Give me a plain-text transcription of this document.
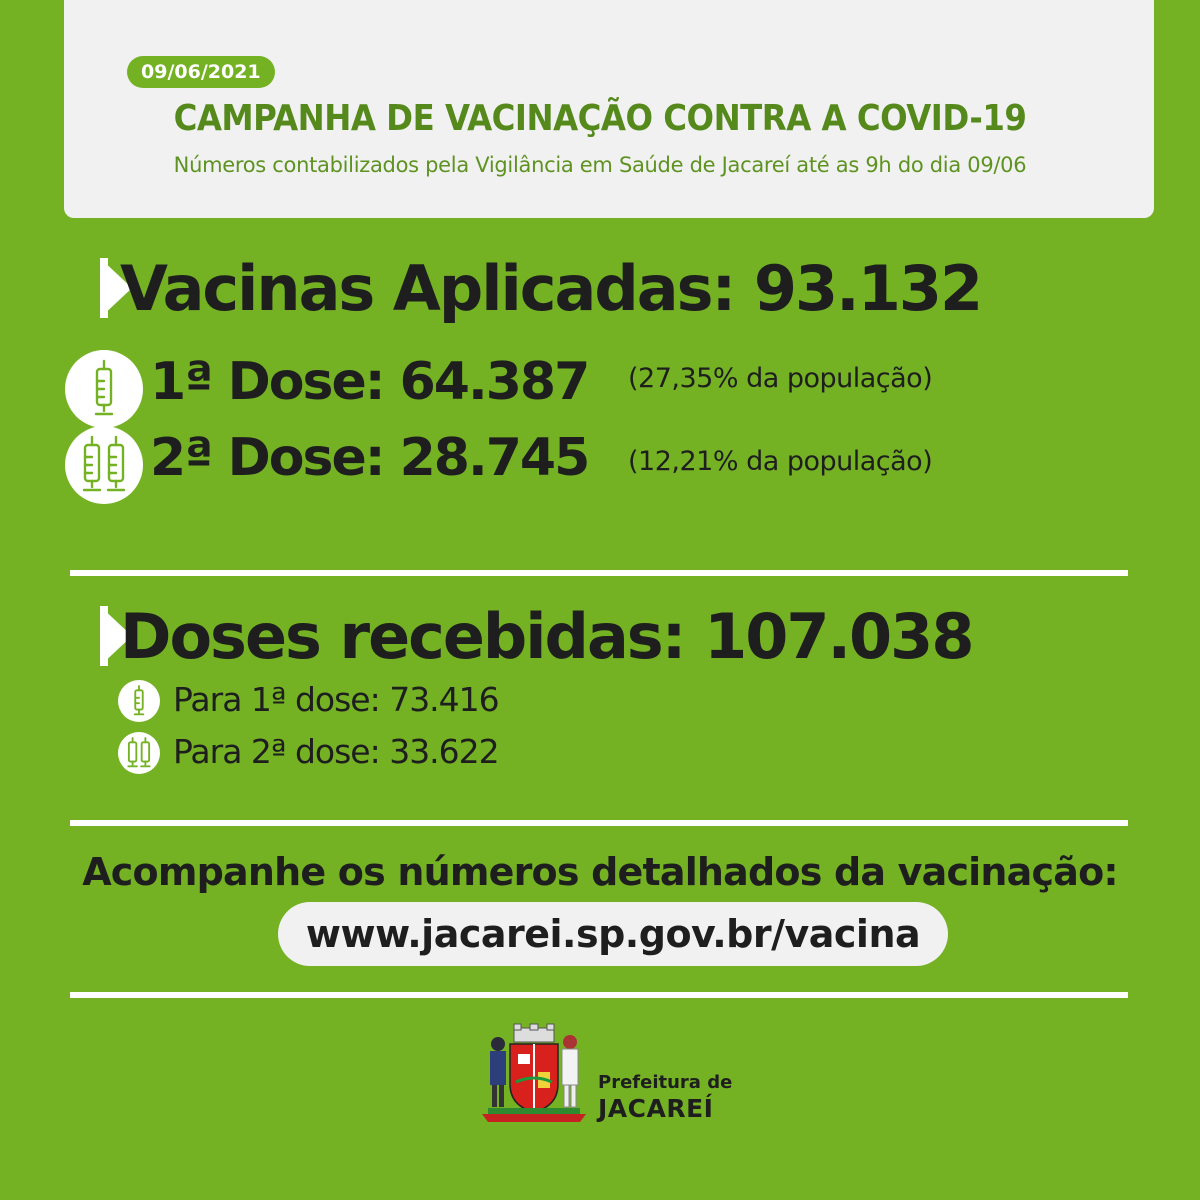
09/06/2021
CAMPANHA DE VACINAÇÃO CONTRA A COVID-19
Números contabilizados pela Vigilância em Saúde de Jacareí até as 9h do dia 09/06
Vacinas Aplicadas: 93.132
1ª Dose: 64.387 (27,35% da população)
2ª Dose: 28.745 (12,21% da população)
Doses recebidas: 107.038
Para 1ª dose: 73.416
Para 2ª dose: 33.622
Acompanhe os números detalhados da vacinação:
www.jacarei.sp.gov.br/vacina
Prefeitura de
JACAREÍ
